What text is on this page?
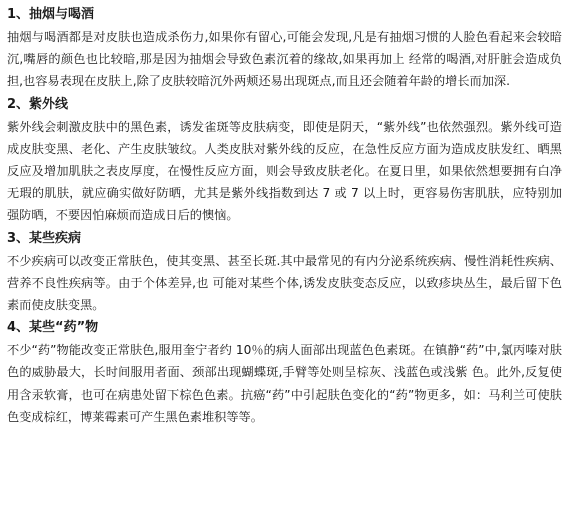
1、抽烟与喝酒

抽烟与喝酒都是对皮肤也造成杀伤力,如果你有留心,可能会发现,凡是有抽烟习惯的人脸色看起来会较暗沉,嘴唇的颜色也比较暗,那是因为抽烟会导致色素沉着的缘故,如果再加上 经常的喝酒,对肝脏会造成负担,也容易表现在皮肤上,除了皮肤较暗沉外两颊还易出现斑点,而且还会随着年龄的增长而加深.

2、紫外线

紫外线会刺激皮肤中的黑色素，诱发雀斑等皮肤病变，即使是阴天，“紫外线”也依然强烈。紫外线可造成皮肤变黑、老化、产生皮肤皱纹。人类皮肤对紫外线的反应，在急性反应方面为造成皮肤发红、晒黑反应及增加肌肤之表皮厚度，在慢性反应方面，则会导致皮肤老化。在夏日里，如果依然想要拥有白净无瑕的肌肤，就应确实做好防晒，尤其是紫外线指数到达 7 或 7 以上时，更容易伤害肌肤，应特别加强防晒，不要因怕麻烦而造成日后的懊恼。

3、某些疾病

不少疾病可以改变正常肤色，使其变黑、甚至长斑.其中最常见的有内分泌系统疾病、慢性消耗性疾病、营养不良性疾病等。由于个体差异,也 可能对某些个体,诱发皮肤变态反应，以致疹块丛生，最后留下色素而使皮肤变黑。

4、某些“药”物

不少“药”物能改变正常肤色,服用奎宁者约 10％的病人面部出现蓝色色素斑。在镇静“药”中,氯丙嗪对肤色的威胁最大，长时间服用者面、颈部出现蝴蝶斑,手臂等处则呈棕灰、浅蓝色或浅紫 色。此外,反复使用含汞软膏，也可在病患处留下棕色色素。抗癌“药”中引起肤色变化的“药”物更多，如：马利兰可使肤色变成棕红，博莱霉素可产生黑色素堆积等等。
